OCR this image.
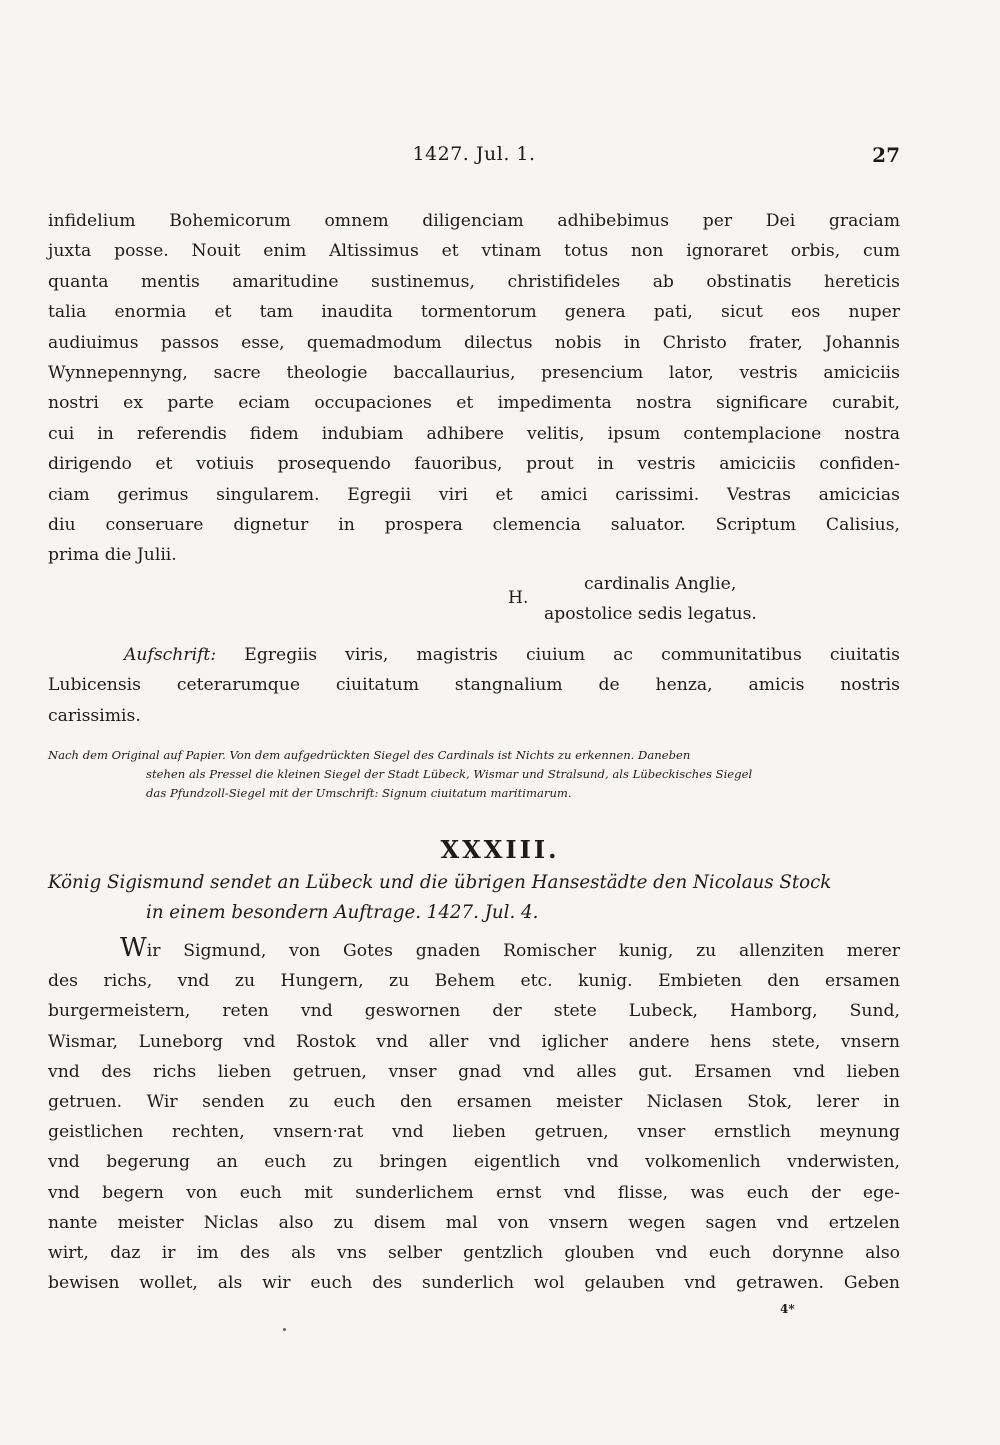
1427. Jul. 1.	27
infidelium Bohemicorum omnem diligenciam adhibebimus per Dei graciam
juxta posse. Nouit enim Altissimus et vtinam totus non ignoraret orbis, cum
quanta mentis amaritudine sustinemus, christifideles ab obstinatis hereticis
talia enormia et tam inaudita tormentorum genera pati, sicut eos nuper
audiuimus passos esse, quemadmodum dilectus nobis in Christo frater, Johannis
Wynnepennyng, sacre theologie baccallaurius, presencium lator, vestris amiciciis
nostri ex parte eciam occupaciones et impedimenta nostra significare curabit,
cui in referendis fidem indubiam adhibere velitis, ipsum contemplacione nostra
dirigendo et votiuis prosequendo fauoribus, prout in vestris amiciciis confiden-
ciam gerimus singularem. Egregii viri et amici carissimi. Vestras amicicias
diu conseruare dignetur in prospera clemencia saluator. Scriptum Calisius,
prima die Julii.
H.
cardinalis Anglie,
apostolice sedis legatus.
Aufschrift: Egregiis viris, magistris ciuium ac communitatibus ciuitatis
Lubicensis ceterarumque ciuitatum stangnalium de henza, amicis nostris
carissimis.
Nach dem Original auf Papier. Von dem aufgedrückten Siegel des Cardinals ist Nichts zu erkennen. Daneben
stehen als Pressel die kleinen Siegel der Stadt Lübeck, Wismar und Stralsund, als Lübeckisches Siegel
das Pfundzoll-Siegel mit der Umschrift: Signum ciuitatum maritimarum.
XXXIII.
König Sigismund sendet an Lübeck und die übrigen Hansestädte den Nicolaus Stock
in einem besondern Auftrage. 1427. Jul. 4.
Wir Sigmund, von Gotes gnaden Romischer kunig, zu allenziten merer
des richs, vnd zu Hungern, zu Behem etc. kunig. Embieten den ersamen
burgermeistern, reten vnd geswornen der stete Lubeck, Hamborg, Sund,
Wismar, Luneborg vnd Rostok vnd aller vnd iglicher andere hens stete, vnsern
vnd des richs lieben getruen, vnser gnad vnd alles gut. Ersamen vnd lieben
getruen. Wir senden zu euch den ersamen meister Niclasen Stok, lerer in
geistlichen rechten, vnsern·rat vnd lieben getruen, vnser ernstlich meynung
vnd begerung an euch zu bringen eigentlich vnd volkomenlich vnderwisten,
vnd begern von euch mit sunderlichem ernst vnd flisse, was euch der ege-
nante meister Niclas also zu disem mal von vnsern wegen sagen vnd ertzelen
wirt, daz ir im des als vns selber gentzlich glouben vnd euch dorynne also
bewisen wollet, als wir euch des sunderlich wol gelauben vnd getrawen. Geben
4*
